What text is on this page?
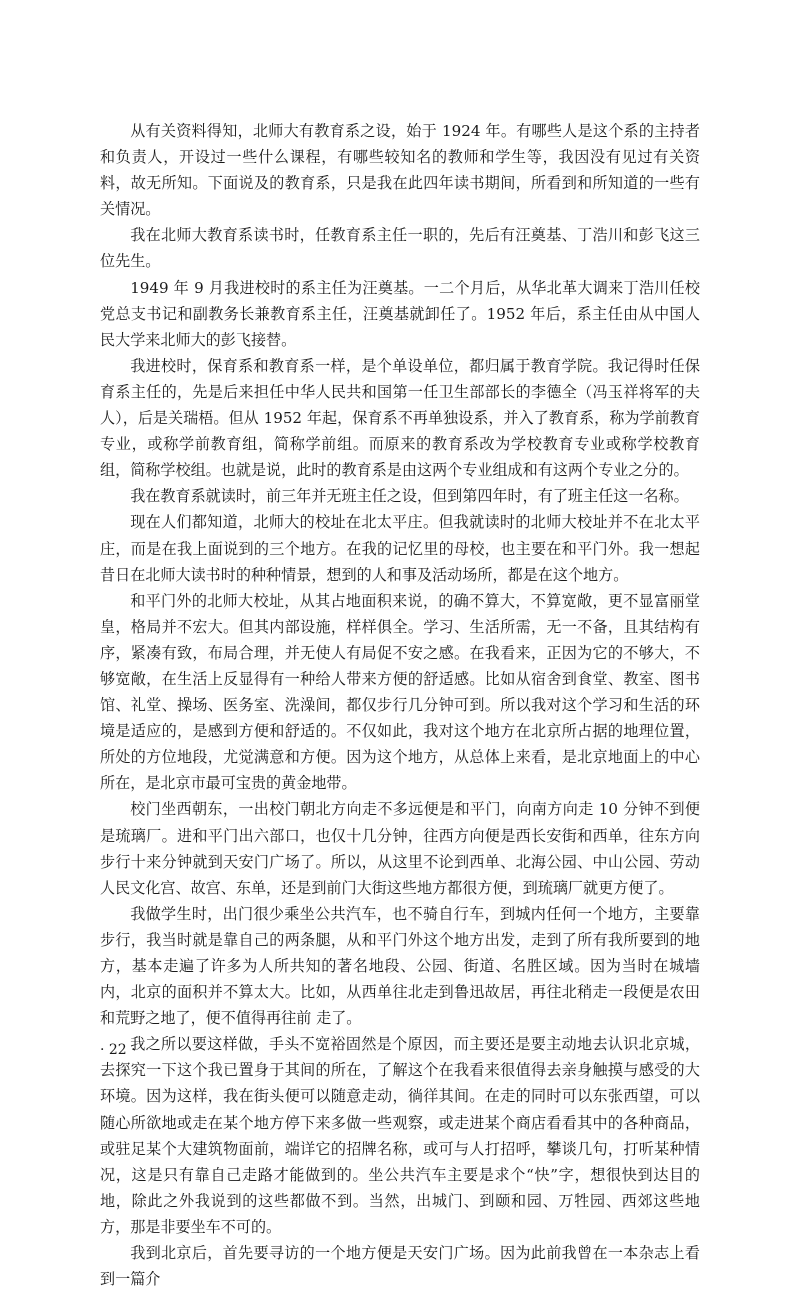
从有关资料得知，北师大有教育系之设，始于 1924 年。有哪些人是这个系的主持者和负责人，开设过一些什么课程，有哪些较知名的教师和学生等，我因没有见过有关资料，故无所知。下面说及的教育系，只是我在此四年读书期间，所看到和所知道的一些有关情况。

我在北师大教育系读书时，任教育系主任一职的，先后有汪奠基、丁浩川和彭飞这三位先生。

1949 年 9 月我进校时的系主任为汪奠基。一二个月后，从华北革大调来丁浩川任校党总支书记和副教务长兼教育系主任，汪奠基就卸任了。1952 年后，系主任由从中国人民大学来北师大的彭飞接替。

我进校时，保育系和教育系一样，是个单设单位，都归属于教育学院。我记得时任保育系主任的，先是后来担任中华人民共和国第一任卫生部部长的李德全（冯玉祥将军的夫人），后是关瑞梧。但从 1952 年起，保育系不再单独设系，并入了教育系，称为学前教育专业，或称学前教育组，简称学前组。而原来的教育系改为学校教育专业或称学校教育组，简称学校组。也就是说，此时的教育系是由这两个专业组成和有这两个专业之分的。

我在教育系就读时，前三年并无班主任之设，但到第四年时，有了班主任这一名称。

现在人们都知道，北师大的校址在北太平庄。但我就读时的北师大校址并不在北太平庄，而是在我上面说到的三个地方。在我的记忆里的母校，也主要在和平门外。我一想起昔日在北师大读书时的种种情景，想到的人和事及活动场所，都是在这个地方。

和平门外的北师大校址，从其占地面积来说，的确不算大，不算宽敞，更不显富丽堂皇，格局并不宏大。但其内部设施，样样俱全。学习、生活所需，无一不备，且其结构有序，紧凑有致，布局合理，并无使人有局促不安之感。在我看来，正因为它的不够大，不够宽敞，在生活上反显得有一种给人带来方便的舒适感。比如从宿舍到食堂、教室、图书馆、礼堂、操场、医务室、洗澡间，都仅步行几分钟可到。所以我对这个学习和生活的环境是适应的，是感到方便和舒适的。不仅如此，我对这个地方在北京所占据的地理位置，所处的方位地段，尤觉满意和方便。因为这个地方，从总体上来看，是北京地面上的中心所在，是北京市最可宝贵的黄金地带。

校门坐西朝东，一出校门朝北方向走不多远便是和平门，向南方向走 10 分钟不到便是琉璃厂。进和平门出六部口，也仅十几分钟，往西方向便是西长安街和西单，往东方向步行十来分钟就到天安门广场了。所以，从这里不论到西单、北海公园、中山公园、劳动人民文化宫、故宫、东单，还是到前门大街这些地方都很方便，到琉璃厂就更方便了。

我做学生时，出门很少乘坐公共汽车，也不骑自行车，到城内任何一个地方，主要靠步行，我当时就是靠自己的两条腿，从和平门外这个地方出发，走到了所有我所要到的地方，基本走遍了许多为人所共知的著名地段、公园、街道、名胜区域。因为当时在城墙内，北京的面积并不算太大。比如，从西单往北走到鲁迅故居，再往北稍走一段便是农田和荒野之地了，便不值得再往前 走了。

我之所以要这样做，手头不宽裕固然是个原因，而主要还是要主动地去认识北京城，去探究一下这个我已置身于其间的所在，了解这个在我看来很值得去亲身触摸与感受的大环境。因为这样，我在街头便可以随意走动，徜徉其间。在走的同时可以东张西望，可以随心所欲地或走在某个地方停下来多做一些观察，或走进某个商店看看其中的各种商品，或驻足某个大建筑物面前，端详它的招牌名称，或可与人打招呼，攀谈几句，打听某种情况，这是只有靠自己走路才能做到的。坐公共汽车主要是求个“快”字，想很快到达目的地，除此之外我说到的这些都做不到。当然，出城门、到颐和园、万牲园、西郊这些地方，那是非要坐车不可的。

我到北京后，首先要寻访的一个地方便是天安门广场。因为此前我曾在一本杂志上看到一篇介

· 22 ·
